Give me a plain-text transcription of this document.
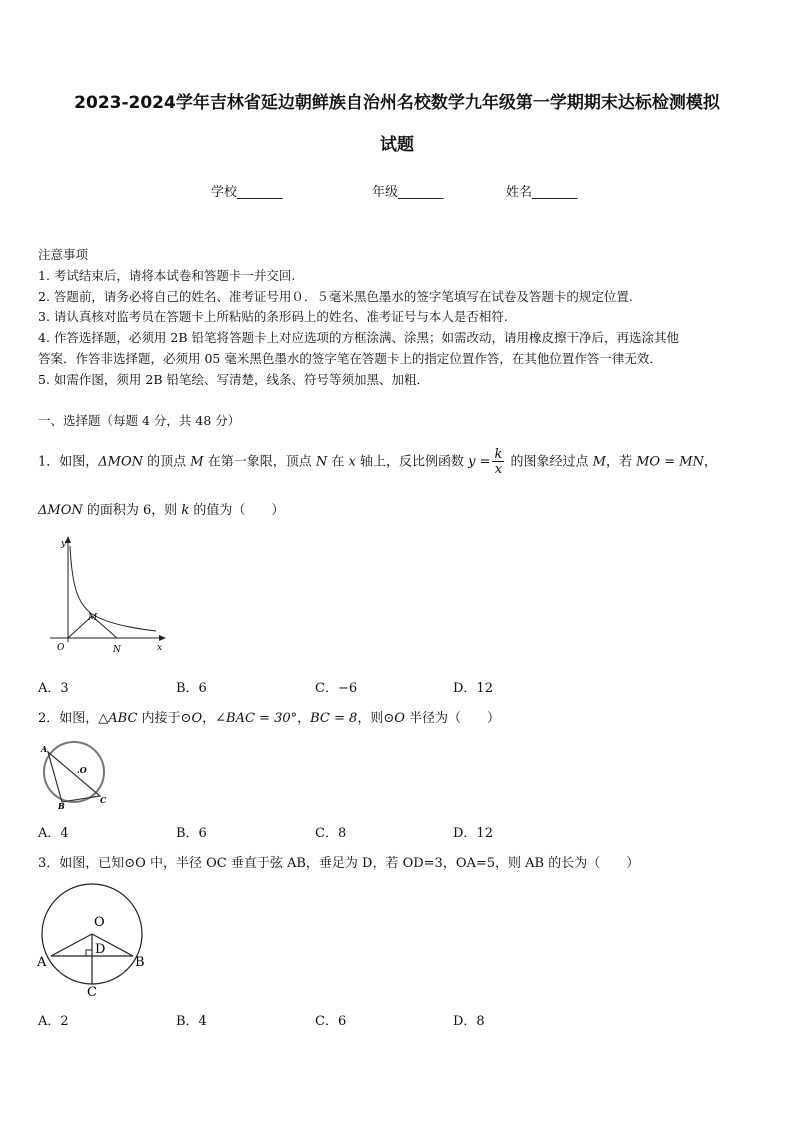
2023-2024学年吉林省延边朝鲜族自治州名校数学九年级第一学期期末达标检测模拟
试题
学校_______	年级_______	姓名_______
注意事项
1. 考试结束后，请将本试卷和答题卡一并交回.
2. 答题前，请务必将自己的姓名、准考证号用０．５毫米黑色墨水的签字笔填写在试卷及答题卡的规定位置.
3. 请认真核对监考员在答题卡上所粘贴的条形码上的姓名、准考证号与本人是否相符.
4. 作答选择题，必须用 2B 铅笔将答题卡上对应选项的方框涂满、涂黑；如需改动，请用橡皮擦干净后，再选涂其他
答案．作答非选择题，必须用 05 毫米黑色墨水的签字笔在答题卡上的指定位置作答，在其他位置作答一律无效．
5. 如需作图，须用 2B 铅笔绘、写清楚，线条、符号等须加黑、加粗．
一、选择题（每题 4 分，共 48 分）
1．如图，ΔMON 的顶点 M 在第一象限，顶点 N 在 x 轴上，反比例函数 $y = \frac{k}{x}$ 的图象经过点 M，若 MO = MN，
ΔMON 的面积为 6，则 k 的值为（　　）
y
x
O
M
N
A．3	B．6	C．−6	D．12
2．如图，△ABC 内接于⊙O，∠BAC = 30°，BC = 8，则⊙O 半径为（　　）
A
B
C
.O
A．4	B．6	C．8	D．12
3．如图，已知⊙O 中，半径 OC 垂直于弦 AB，垂足为 D，若 OD=3，OA=5，则 AB 的长为（　　）
O
D
A	B
C
A．2	B．4	C．6	D．8
